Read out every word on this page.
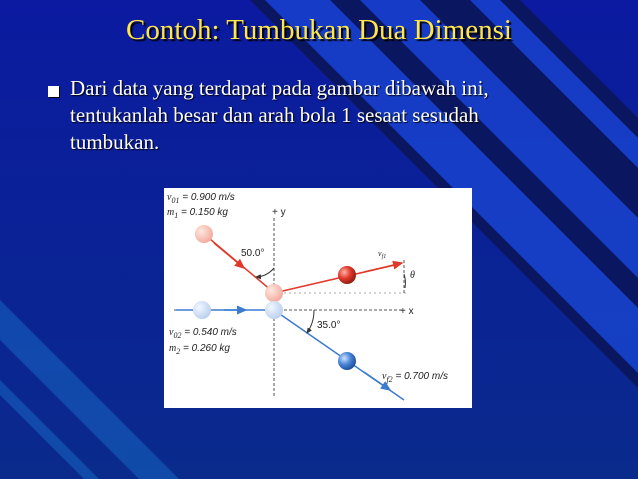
Contoh: Tumbukan Dua Dimensi
Dari data yang terdapat pada gambar dibawah ini,
tentukanlah besar dan arah bola 1 sesaat sesudah
tumbukan.
$v_{01} = 0.900$ m/s
$m_1 = 0.150$ kg	+ y
+ x
50.0°
35.0°
θ
$v_{f1}$
$v_{02} = 0.540$ m/s
$m_2 = 0.260$ kg
$v_{f2} = 0.700$ m/s
